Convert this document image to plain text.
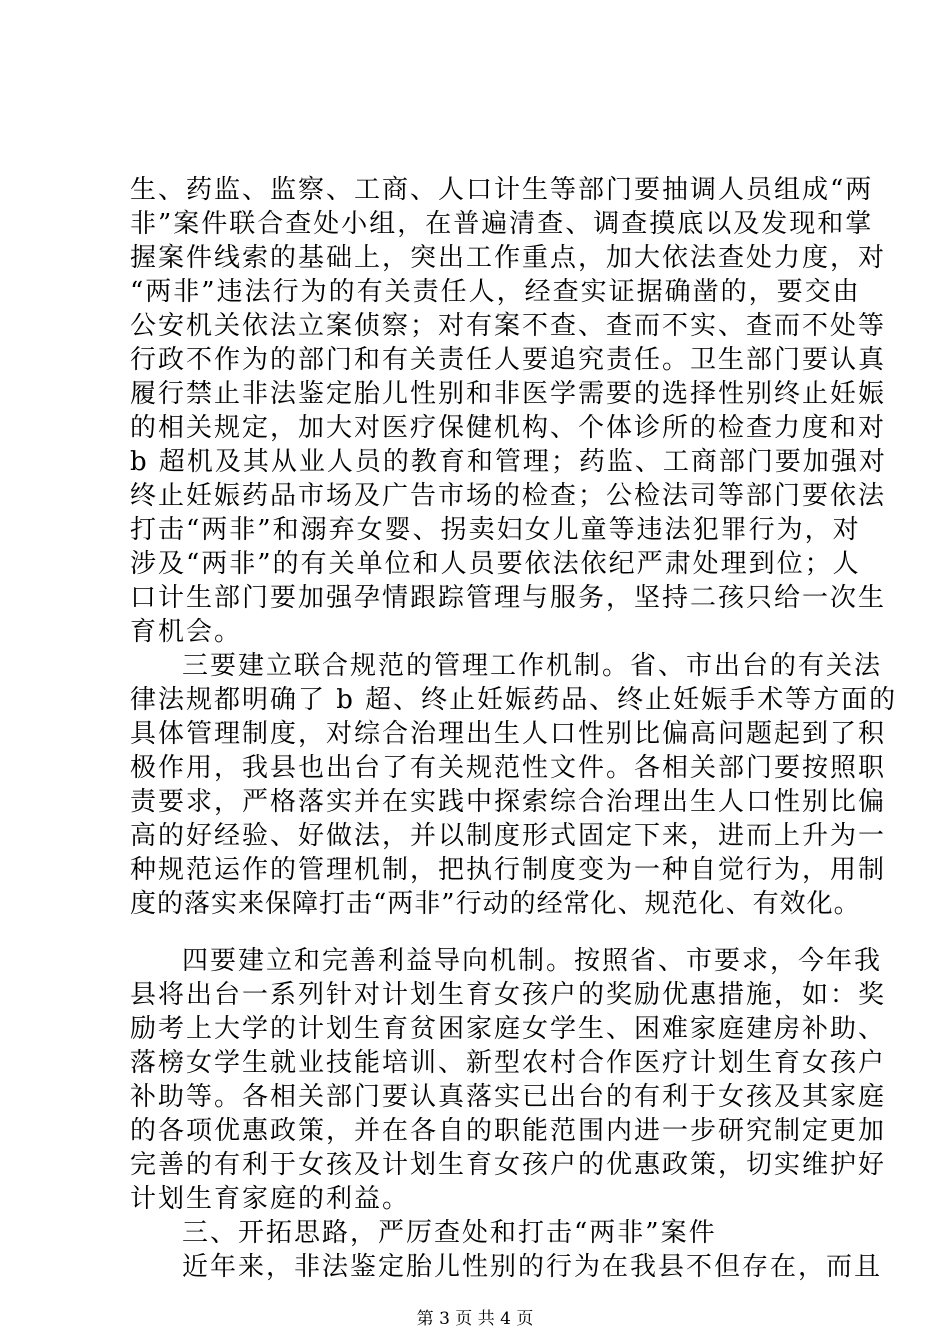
生、药监、监察、工商、人口计生等部门要抽调人员组成“两
非”案件联合查处小组，在普遍清查、调查摸底以及发现和掌
握案件线索的基础上，突出工作重点，加大依法查处力度，对
“两非”违法行为的有关责任人，经查实证据确凿的，要交由
公安机关依法立案侦察；对有案不查、查而不实、查而不处等
行政不作为的部门和有关责任人要追究责任。卫生部门要认真
履行禁止非法鉴定胎儿性别和非医学需要的选择性别终止妊娠
的相关规定，加大对医疗保健机构、个体诊所的检查力度和对
b 超机及其从业人员的教育和管理；药监、工商部门要加强对
终止妊娠药品市场及广告市场的检查；公检法司等部门要依法
打击“两非”和溺弃女婴、拐卖妇女儿童等违法犯罪行为，对
涉及“两非”的有关单位和人员要依法依纪严肃处理到位；人
口计生部门要加强孕情跟踪管理与服务，坚持二孩只给一次生
育机会。
三要建立联合规范的管理工作机制。省、市出台的有关法
律法规都明确了 b 超、终止妊娠药品、终止妊娠手术等方面的
具体管理制度，对综合治理出生人口性别比偏高问题起到了积
极作用，我县也出台了有关规范性文件。各相关部门要按照职
责要求，严格落实并在实践中探索综合治理出生人口性别比偏
高的好经验、好做法，并以制度形式固定下来，进而上升为一
种规范运作的管理机制，把执行制度变为一种自觉行为，用制
度的落实来保障打击“两非”行动的经常化、规范化、有效化。
四要建立和完善利益导向机制。按照省、市要求，今年我
县将出台一系列针对计划生育女孩户的奖励优惠措施，如：奖
励考上大学的计划生育贫困家庭女学生、困难家庭建房补助、
落榜女学生就业技能培训、新型农村合作医疗计划生育女孩户
补助等。各相关部门要认真落实已出台的有利于女孩及其家庭
的各项优惠政策，并在各自的职能范围内进一步研究制定更加
完善的有利于女孩及计划生育女孩户的优惠政策，切实维护好
计划生育家庭的利益。
三、开拓思路，严厉查处和打击“两非”案件
近年来，非法鉴定胎儿性别的行为在我县不但存在，而且
第 3 页 共 4 页
